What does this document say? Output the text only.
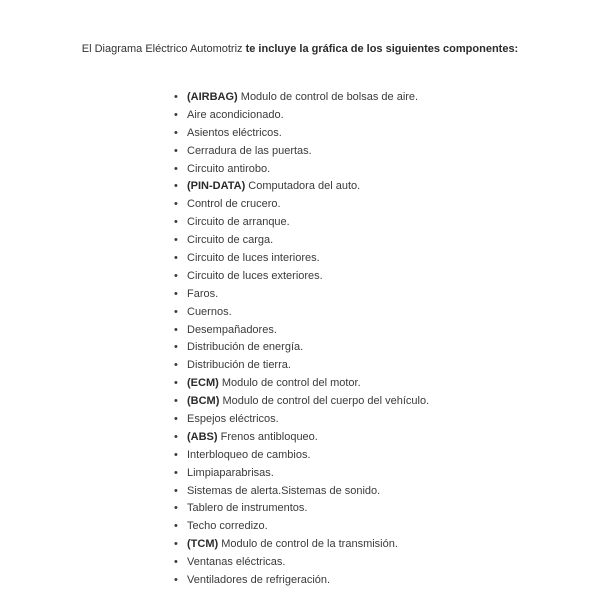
El Diagrama Eléctrico Automotriz te incluye la gráfica de los siguientes componentes:
• (AIRBAG) Modulo de control de bolsas de aire.
• Aire acondicionado.
• Asientos eléctricos.
• Cerradura de las puertas.
• Circuito antirobo.
• (PIN-DATA) Computadora del auto.
• Control de crucero.
• Circuito de arranque.
• Circuito de carga.
• Circuito de luces interiores.
• Circuito de luces exteriores.
• Faros.
• Cuernos.
• Desempañadores.
• Distribución de energía.
• Distribución de tierra.
• (ECM) Modulo de control del motor.
• (BCM) Modulo de control del cuerpo del vehículo.
• Espejos eléctricos.
• (ABS) Frenos antibloqueo.
• Interbloqueo de cambios.
• Limpiaparabrisas.
• Sistemas de alerta.Sistemas de sonido.
• Tablero de instrumentos.
• Techo corredizo.
• (TCM) Modulo de control de la transmisión.
• Ventanas eléctricas.
• Ventiladores de refrigeración.
